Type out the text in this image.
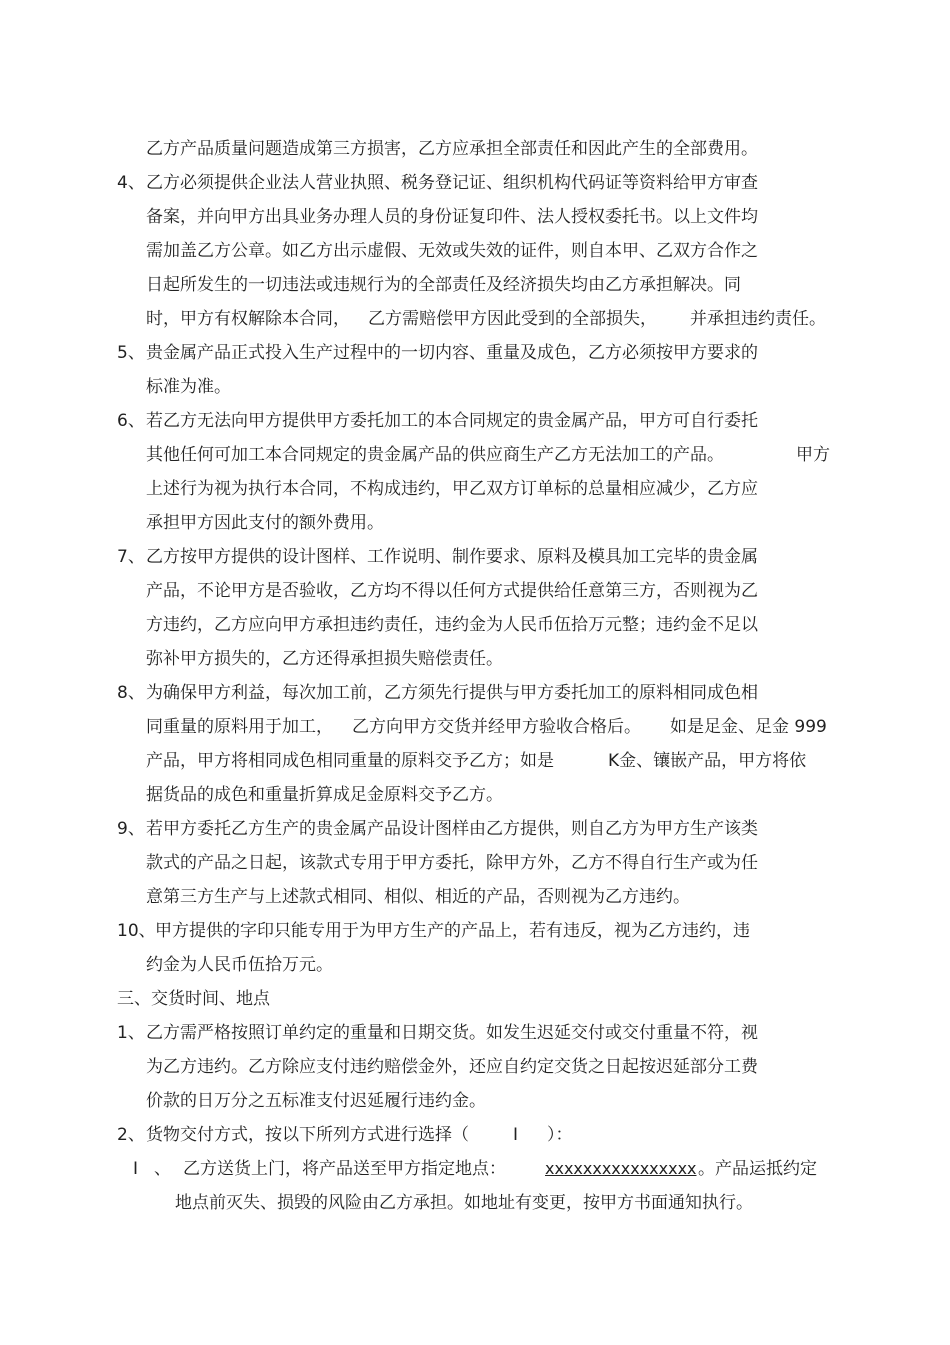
乙方产品质量问题造成第三方损害，乙方应承担全部责任和因此产生的全部费用。
4、乙方必须提供企业法人营业执照、税务登记证、组织机构代码证等资料给甲方审查
备案，并向甲方出具业务办理人员的身份证复印件、法人授权委托书。以上文件均
需加盖乙方公章。如乙方出示虚假、无效或失效的证件，则自本甲、乙双方合作之
日起所发生的一切违法或违规行为的全部责任及经济损失均由乙方承担解决。同
时，甲方有权解除本合同， 乙方需赔偿甲方因此受到的全部损失， 并承担违约责任。
5、贵金属产品正式投入生产过程中的一切内容、重量及成色，乙方必须按甲方要求的
标准为准。
6、若乙方无法向甲方提供甲方委托加工的本合同规定的贵金属产品，甲方可自行委托
其他任何可加工本合同规定的贵金属产品的供应商生产乙方无法加工的产品。	甲方
上述行为视为执行本合同，不构成违约，甲乙双方订单标的总量相应减少，乙方应
承担甲方因此支付的额外费用。
7、乙方按甲方提供的设计图样、工作说明、制作要求、原料及模具加工完毕的贵金属
产品，不论甲方是否验收，乙方均不得以任何方式提供给任意第三方，否则视为乙
方违约，乙方应向甲方承担违约责任，违约金为人民币伍拾万元整；违约金不足以
弥补甲方损失的，乙方还得承担损失赔偿责任。
8、为确保甲方利益，每次加工前，乙方须先行提供与甲方委托加工的原料相同成色相
同重量的原料用于加工， 乙方向甲方交货并经甲方验收合格后。 如是足金、足金 999
产品，甲方将相同成色相同重量的原料交予乙方；如是	K金、镶嵌产品，甲方将依
据货品的成色和重量折算成足金原料交予乙方。
9、若甲方委托乙方生产的贵金属产品设计图样由乙方提供，则自乙方为甲方生产该类
款式的产品之日起，该款式专用于甲方委托，除甲方外，乙方不得自行生产或为任
意第三方生产与上述款式相同、相似、相近的产品，否则视为乙方违约。
10、甲方提供的字印只能专用于为甲方生产的产品上，若有违反，视为乙方违约，违
约金为人民币伍拾万元。
三、交货时间、地点
1、乙方需严格按照订单约定的重量和日期交货。如发生迟延交付或交付重量不符，视
为乙方违约。乙方除应支付违约赔偿金外，还应自约定交货之日起按迟延部分工费
价款的日万分之五标准支付迟延履行违约金。
2、货物交付方式，按以下所列方式进行选择（	Ⅰ ）：
Ⅰ 、 乙方送货上门，将产品送至甲方指定地点： xxxxxxxxxxxxxxxx 。产品运抵约定
地点前灭失、损毁的风险由乙方承担。如地址有变更，按甲方书面通知执行。
